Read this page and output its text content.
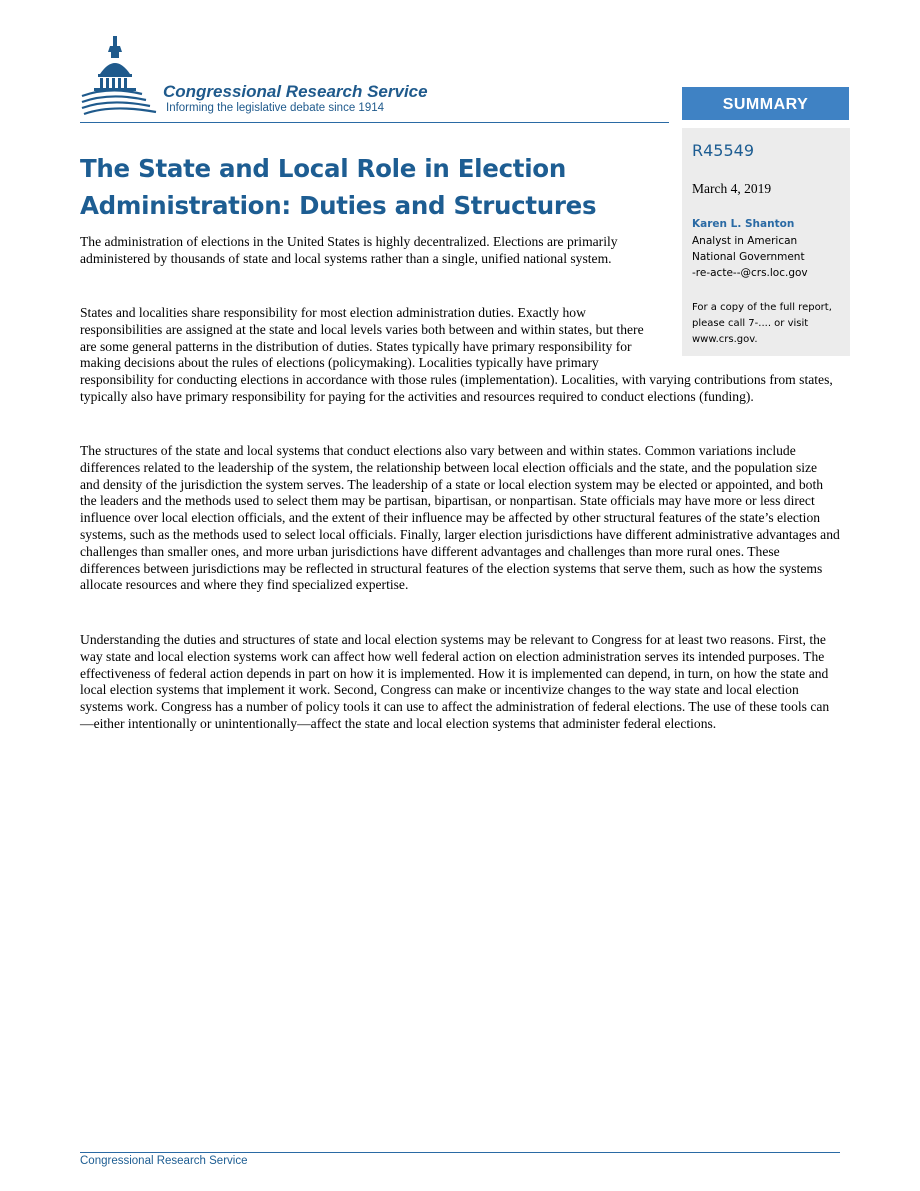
Congressional Research Service
Informing the legislative debate since 1914
The State and Local Role in Election Administration: Duties and Structures
SUMMARY
R45549
March 4, 2019
Karen L. Shanton
Analyst in American
National Government
-re-acte--@crs.loc.gov
For a copy of the full report, please call 7-.... or visit www.crs.gov.

The administration of elections in the United States is highly decentralized. Elections are primarily administered by thousands of state and local systems rather than a single, unified national system.

States and localities share responsibility for most election administration duties. Exactly how responsibilities are assigned at the state and local levels varies both between and within states, but there are some general patterns in the distribution of duties. States typically have primary responsibility for making decisions about the rules of elections (policymaking). Localities typically have primary responsibility for conducting elections in accordance with those rules (implementation). Localities, with varying contributions from states, typically also have primary responsibility for paying for the activities and resources required to conduct elections (funding).

The structures of the state and local systems that conduct elections also vary between and within states. Common variations include differences related to the leadership of the system, the relationship between local election officials and the state, and the population size and density of the jurisdiction the system serves. The leadership of a state or local election system may be elected or appointed, and both the leaders and the methods used to select them may be partisan, bipartisan, or nonpartisan. State officials may have more or less direct influence over local election officials, and the extent of their influence may be affected by other structural features of the state’s election systems, such as the methods used to select local officials. Finally, larger election jurisdictions have different administrative advantages and challenges than smaller ones, and more urban jurisdictions have different advantages and challenges than more rural ones. These differences between jurisdictions may be reflected in structural features of the election systems that serve them, such as how the systems allocate resources and where they find specialized expertise.

Understanding the duties and structures of state and local election systems may be relevant to Congress for at least two reasons. First, the way state and local election systems work can affect how well federal action on election administration serves its intended purposes. The effectiveness of federal action depends in part on how it is implemented. How it is implemented can depend, in turn, on how the state and local election systems that implement it work. Second, Congress can make or incentivize changes to the way state and local election systems work. Congress has a number of policy tools it can use to affect the administration of federal elections. The use of these tools can—either intentionally or unintentionally—affect the state and local election systems that administer federal elections.

Congressional Research Service
